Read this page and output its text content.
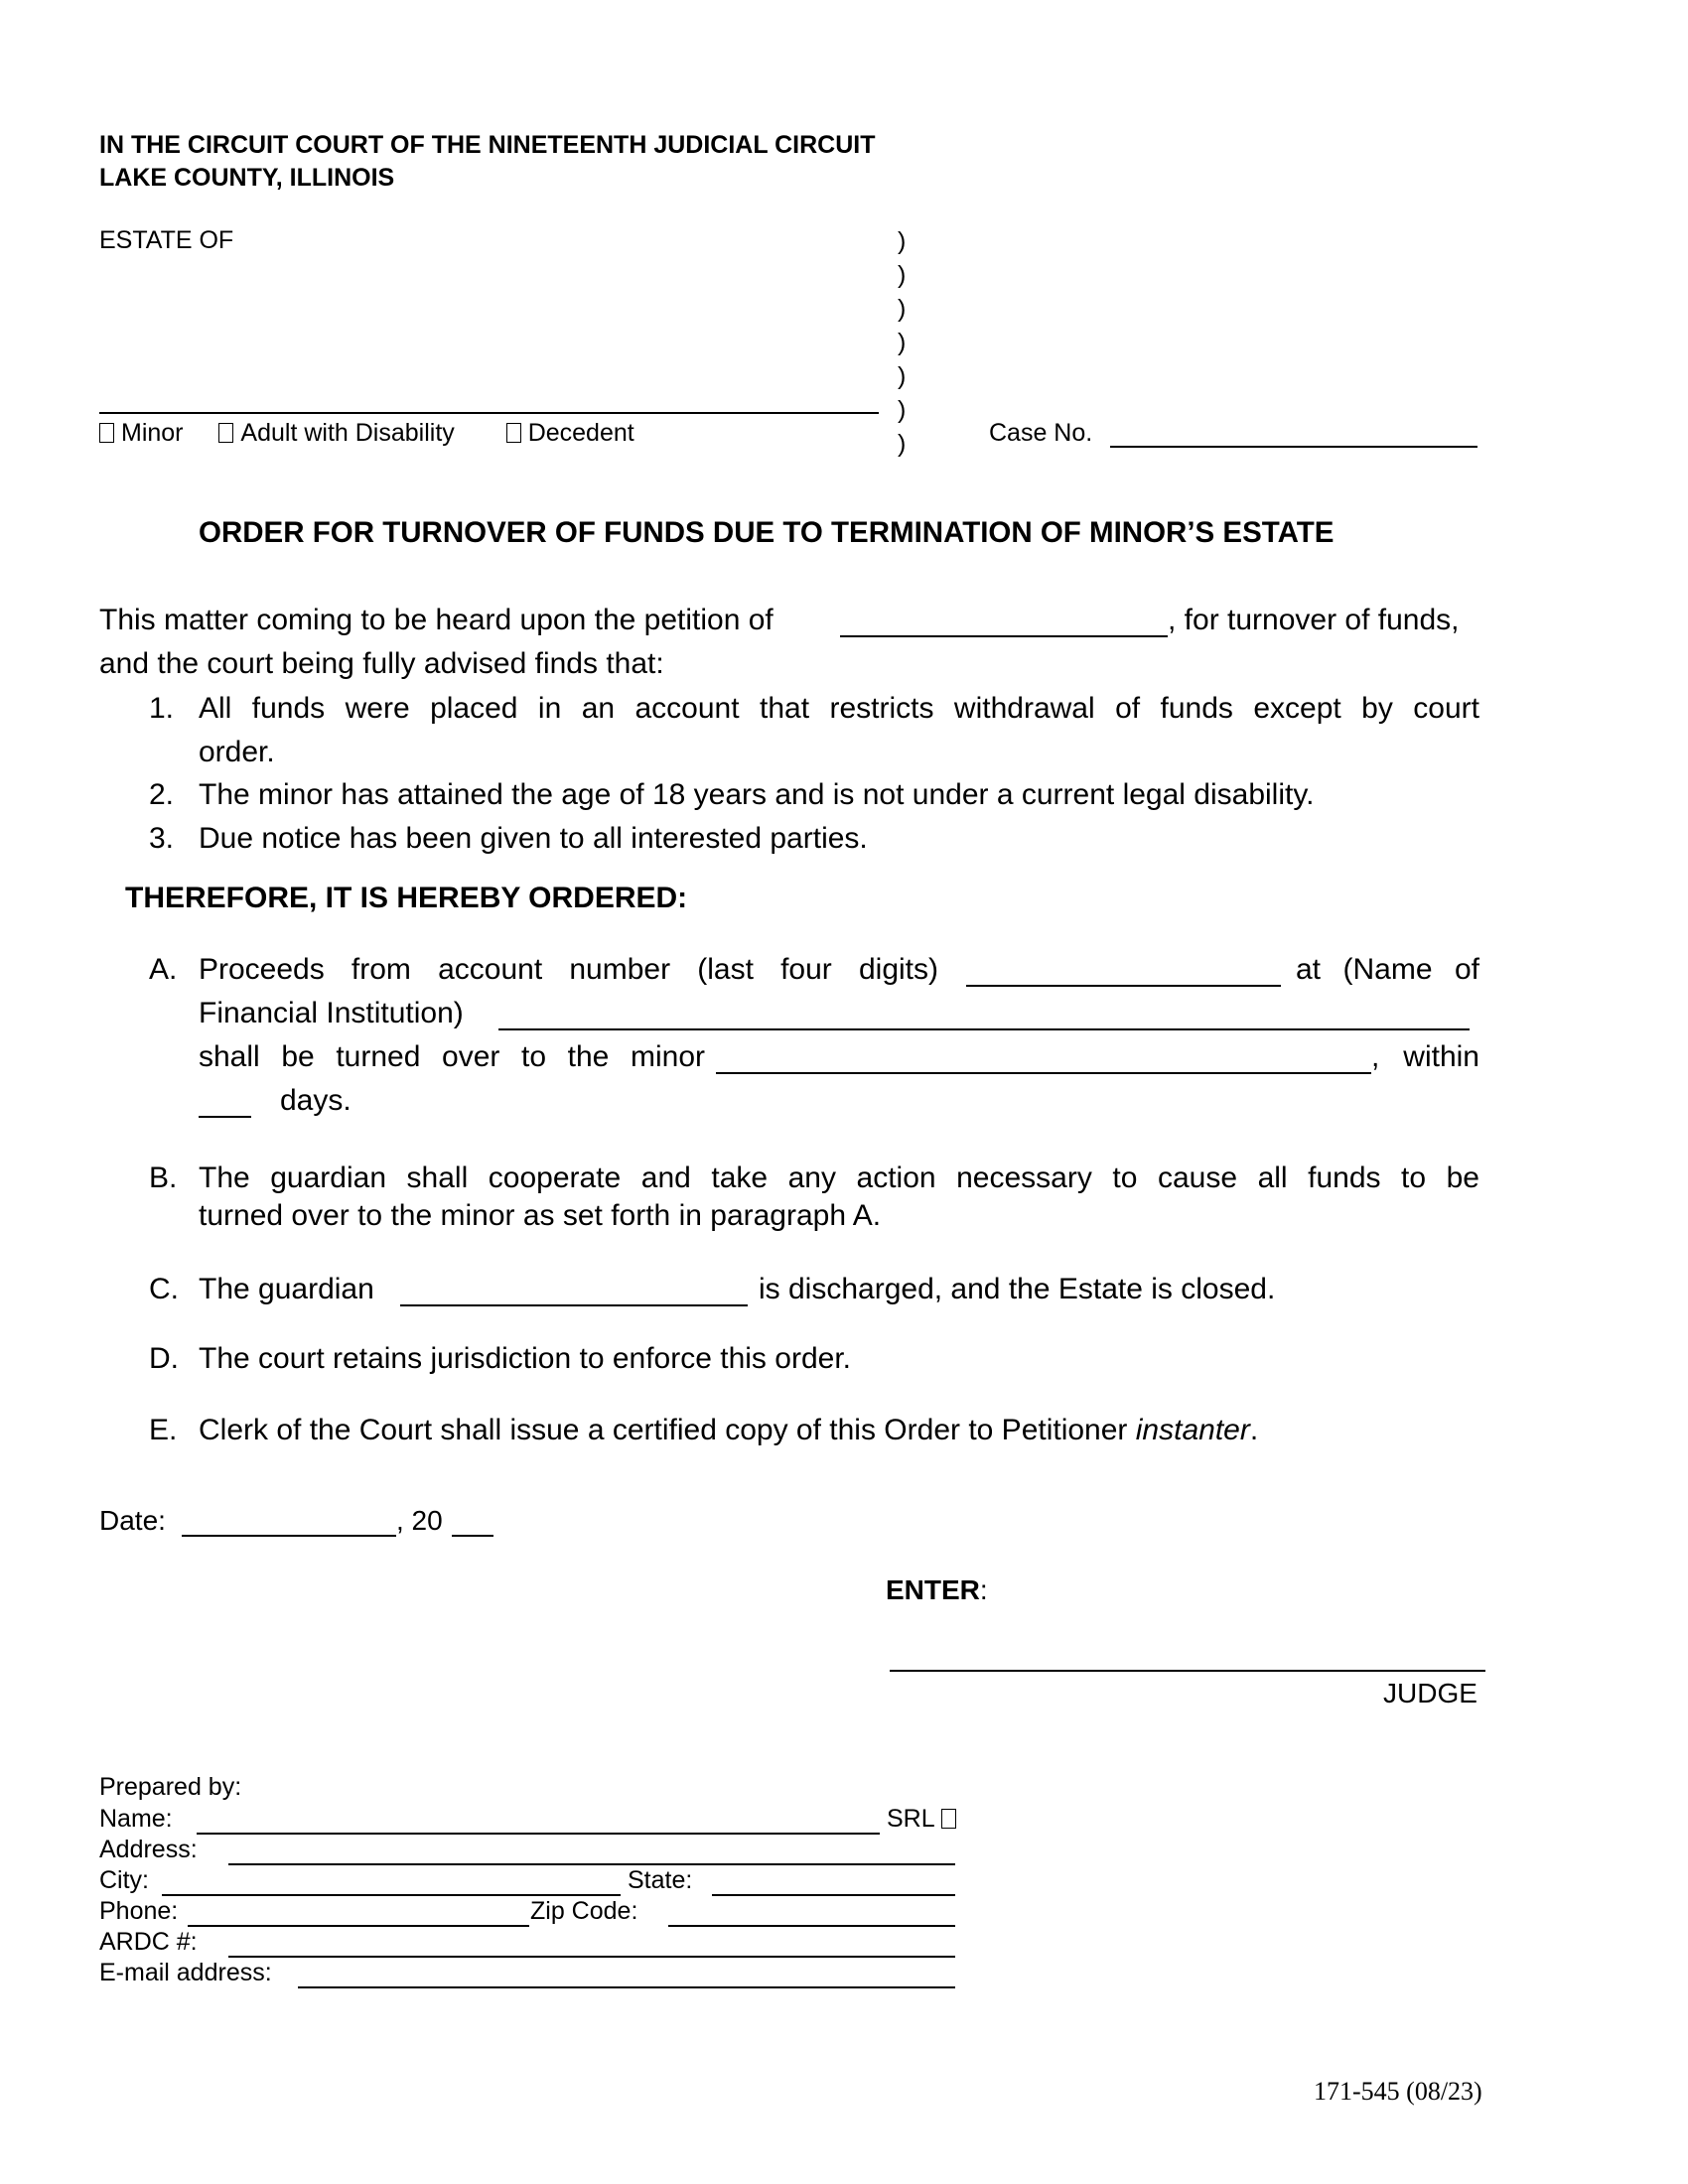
IN THE CIRCUIT COURT OF THE NINETEENTH JUDICIAL CIRCUIT
LAKE COUNTY, ILLINOIS
ESTATE OF
Minor Adult with Disability	Decedent
)
)
)
)
)
)
)	Case No.
ORDER FOR TURNOVER OF FUNDS DUE TO TERMINATION OF MINOR’S ESTATE
This matter coming to be heard upon the petition of	, for turnover of funds,
and the court being fully advised finds that:
1. All funds were placed in an account that restricts withdrawal of funds except by court
order.
2. The minor has attained the age of 18 years and is not under a current legal disability.
3. Due notice has been given to all interested parties.
THEREFORE, IT IS HEREBY ORDERED:
A. Proceeds from account number (last four digits)	at (Name of
Financial Institution)
shall be turned over to the minor	, within
days.
B. The guardian shall cooperate and take any action necessary to cause all funds to be
turned over to the minor as set forth in paragraph A.
C. The guardian	is discharged, and the Estate is closed.
D. The court retains jurisdiction to enforce this order.
E. Clerk of the Court shall issue a certified copy of this Order to Petitioner instanter.
Date:	, 20
ENTER:
JUDGE
Prepared by:
Name:	SRL
Address:
City:	State:
Phone:	Zip Code:
ARDC #:
E-mail address:
171-545 (08/23)
